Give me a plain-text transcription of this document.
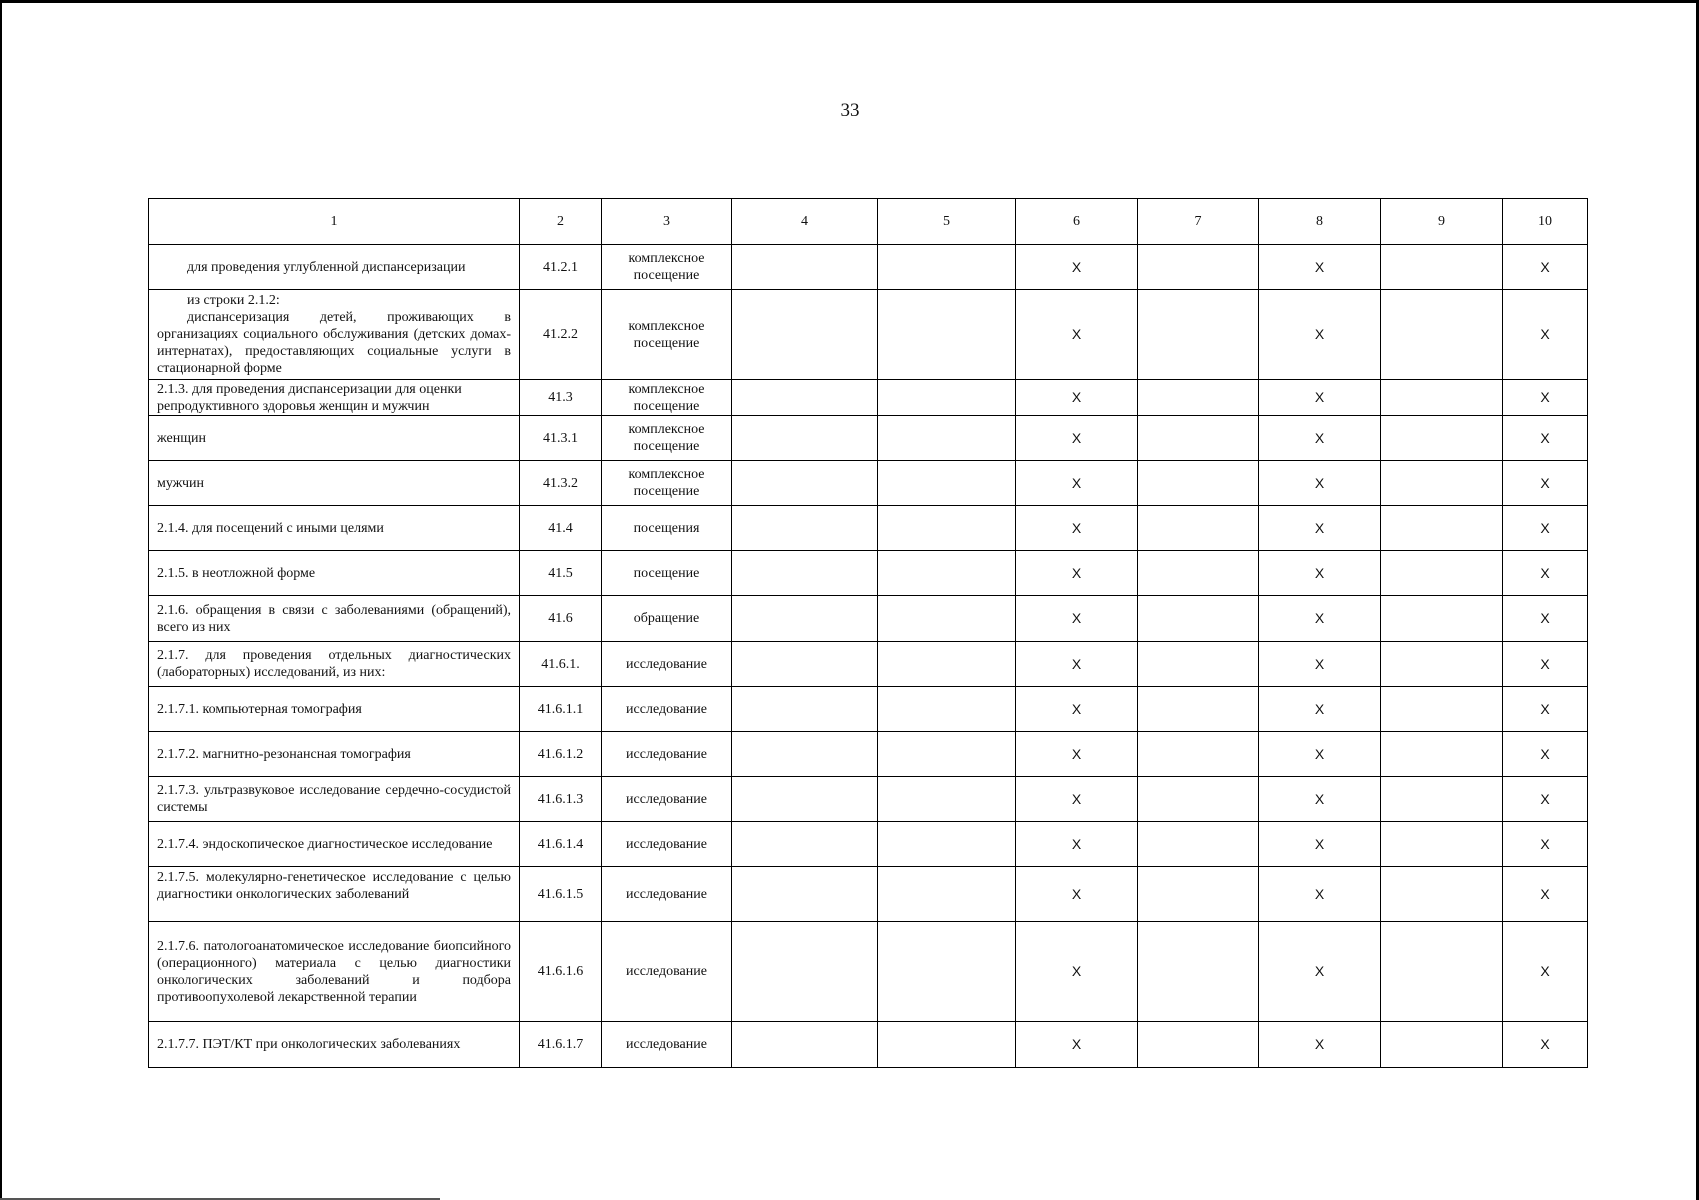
33
1	2	3	4	5	6	7	8	9	10
для проведения углубленной диспансеризации	41.2.1	комплексное посещение			X		X		X

из строки 2.1.2:
диспансеризация детей, проживающих в организациях социального обслуживания (детских домах-интернатах), предоставляющих социальные услуги в стационарной форме	41.2.2	комплексное посещение			X		X		X
2.1.3. для проведения диспансеризации для оценки репродуктивного здоровья женщин и мужчин	41.3	комплексное посещение			X		X		X
женщин	41.3.1	комплексное посещение			X		X		X
мужчин	41.3.2	комплексное посещение			X		X		X
2.1.4. для посещений с иными целями	41.4	посещения			X		X		X
2.1.5. в неотложной форме	41.5	посещение			X		X		X
2.1.6. обращения в связи с заболеваниями (обращений), всего из них	41.6	обращение			X		X		X
2.1.7. для проведения отдельных диагностических (лабораторных) исследований, из них:	41.6.1.	исследование			X		X		X
2.1.7.1. компьютерная томография	41.6.1.1	исследование			X		X		X
2.1.7.2. магнитно-резонансная томография	41.6.1.2	исследование			X		X		X
2.1.7.3. ультразвуковое исследование сердечно-сосудистой системы	41.6.1.3	исследование			X		X		X
2.1.7.4. эндоскопическое диагностическое исследование	41.6.1.4	исследование			X		X		X
2.1.7.5. молекулярно-генетическое исследование с целью диагностики онкологических заболеваний	41.6.1.5	исследование			X		X		X
2.1.7.6. патологоанатомическое исследование биопсийного (операционного) материала с целью диагностики онкологических заболеваний и подбора противоопухолевой лекарственной терапии	41.6.1.6	исследование			X		X		X
2.1.7.7. ПЭТ/КТ при онкологических заболеваниях	41.6.1.7	исследование			X		X		X
